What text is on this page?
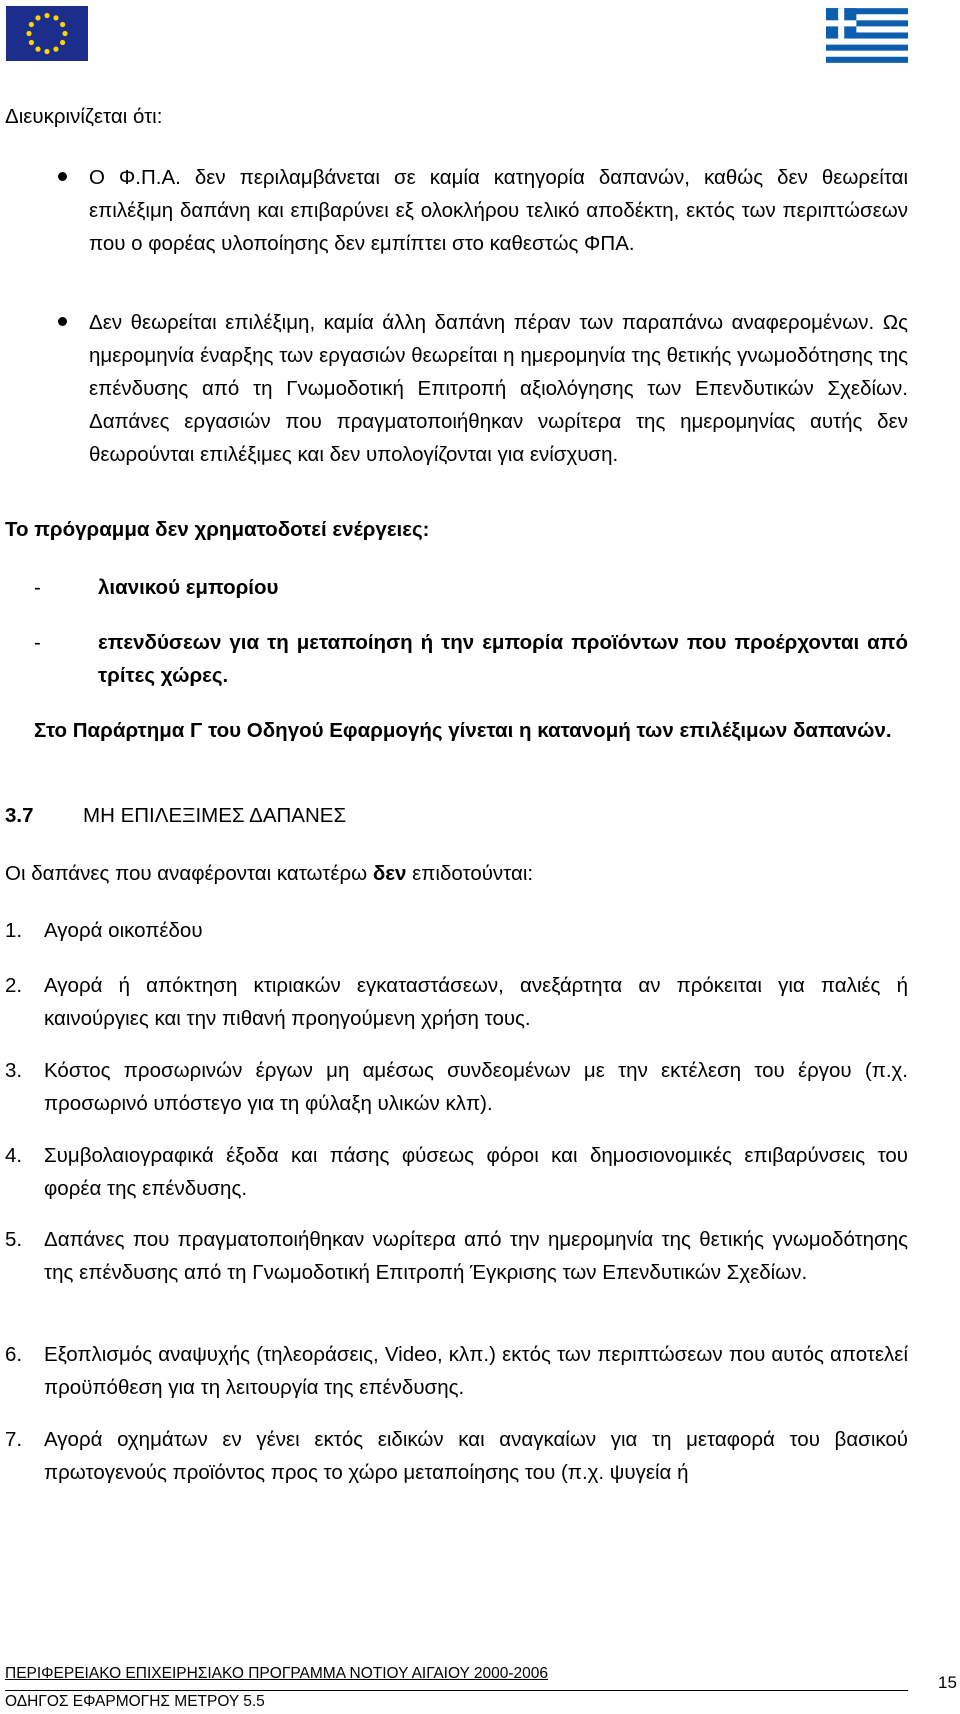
Διευκρινίζεται ότι:

Ο Φ.Π.Α. δεν περιλαμβάνεται σε καμία κατηγορία δαπανών, καθώς δεν θεωρείται επιλέξιμη δαπάνη και επιβαρύνει εξ ολοκλήρου τελικό αποδέκτη, εκτός των περιπτώσεων που ο φορέας υλοποίησης δεν εμπίπτει στο καθεστώς ΦΠΑ.

Δεν θεωρείται επιλέξιμη, καμία άλλη δαπάνη πέραν των παραπάνω αναφερομένων. Ως ημερομηνία έναρξης των εργασιών θεωρείται η ημερομηνία της θετικής γνωμοδότησης της επένδυσης από τη Γνωμοδοτική Επιτροπή αξιολόγησης των Επενδυτικών Σχεδίων. Δαπάνες εργασιών που πραγματοποιήθηκαν νωρίτερα της ημερομηνίας αυτής δεν θεωρούνται επιλέξιμες και δεν υπολογίζονται για ενίσχυση.

Το πρόγραμμα δεν χρηματοδοτεί ενέργειες:
-	λιανικού εμπορίου

-	επενδύσεων για τη μεταποίηση ή την εμπορία προϊόντων που προέρχονται από τρίτες χώρες.

Στο Παράρτημα Γ του Οδηγού Εφαρμογής γίνεται η κατανομή των επιλέξιμων δαπανών.

3.7 ΜΗ ΕΠΙΛΕΞΙΜΕΣ ΔΑΠΑΝΕΣ
Οι δαπάνες που αναφέρονται κατωτέρω δεν επιδοτούνται:
1. Αγορά οικοπέδου

2. Αγορά ή απόκτηση κτιριακών εγκαταστάσεων, ανεξάρτητα αν πρόκειται για παλιές ή καινούργιες και την πιθανή προηγούμενη χρήση τους.

3. Κόστος προσωρινών έργων μη αμέσως συνδεομένων με την εκτέλεση του έργου (π.χ. προσωρινό υπόστεγο για τη φύλαξη υλικών κλπ).

4. Συμβολαιογραφικά έξοδα και πάσης φύσεως φόροι και δημοσιονομικές επιβαρύνσεις του φορέα της επένδυσης.

5. Δαπάνες που πραγματοποιήθηκαν νωρίτερα από την ημερομηνία της θετικής γνωμοδότησης της επένδυσης από τη Γνωμοδοτική Επιτροπή Έγκρισης των Επενδυτικών Σχεδίων.

6. Εξοπλισμός αναψυχής (τηλεοράσεις, Video, κλπ.) εκτός των περιπτώσεων που αυτός αποτελεί προϋπόθεση για τη λειτουργία της επένδυσης.

7. Αγορά οχημάτων εν γένει εκτός ειδικών και αναγκαίων για τη μεταφορά του βασικού πρωτογενούς προϊόντος προς το χώρο μεταποίησης του (π.χ. ψυγεία ή

ΠΕΡΙΦΕΡΕΙΑΚΟ ΕΠΙΧΕΙΡΗΣΙΑΚΟ ΠΡΟΓΡΑΜΜΑ ΝΟΤΙΟΥ ΑΙΓΑΙΟΥ 2000-2006
ΟΔΗΓΟΣ ΕΦΑΡΜΟΓΗΣ ΜΕΤΡΟΥ 5.5
15
